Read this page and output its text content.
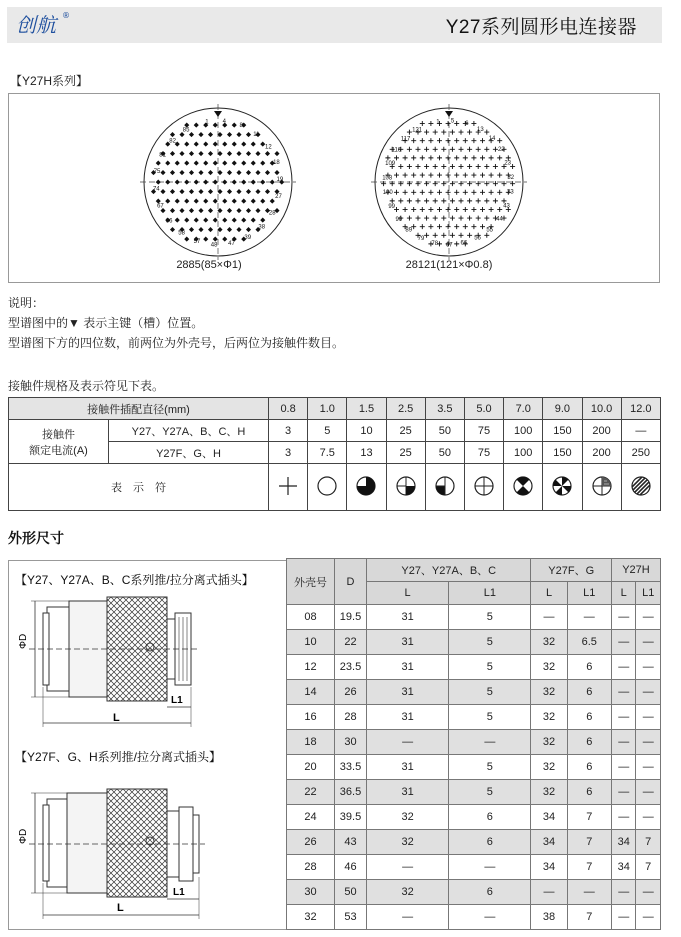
创航 ®
Y27系列圆形电连接器
【Y27H系列】
1 4
8
11
12
18
19
27
28
38
39
47
48
57
58
66
67
74
75
81
82
85
1 5 6
13
14
22
23
32
33
43
44
55
56
66
67
78
79
89
90
99
100
108
109
116
117
121
2885(85×Φ1)	28121(121×Φ0.8)
说明：
型谱图中的▼ 表示主键（槽）位置。
型谱图下方的四位数，前两位为外壳号，后两位为接触件数目。
接触件规格及表示符见下表。
接触件插配直径(mm)		0.8	1.0	1.5	2.5	3.5	5.0	7.0	9.0	10.0	12.0

接触件
额定电流(A)	Y27、Y27A、B、C、H	3	5	10	25	50	75	100	150	200	—
	Y27F、G、H	3	7.5	13	25	50	75	100	150	200	250
表　示　符										
外形尺寸
【Y27、Y27A、B、C系列推/拉分离式插头】
【Y27F、G、H系列推/拉分离式插头】
ΦD
L
L1
ΦD
L
L1
外壳号	D	Y27、Y27A、B、C		Y27F、G		Y27H	
		L	L1	L	L1	L	L1
08	19.5	31	5	—	—	—	—
10	22	31	5	32	6.5	—	—
12	23.5	31	5	32	6	—	—
14	26	31	5	32	6	—	—
16	28	31	5	32	6	—	—
18	30	—	—	32	6	—	—
20	33.5	31	5	32	6	—	—
22	36.5	31	5	32	6	—	—
24	39.5	32	6	34	7	—	—
26	43	32	6	34	7	34	7
28	46	—	—	34	7	34	7
30	50	32	6	—	—	—	—
32	53	—	—	38	7	—	—
